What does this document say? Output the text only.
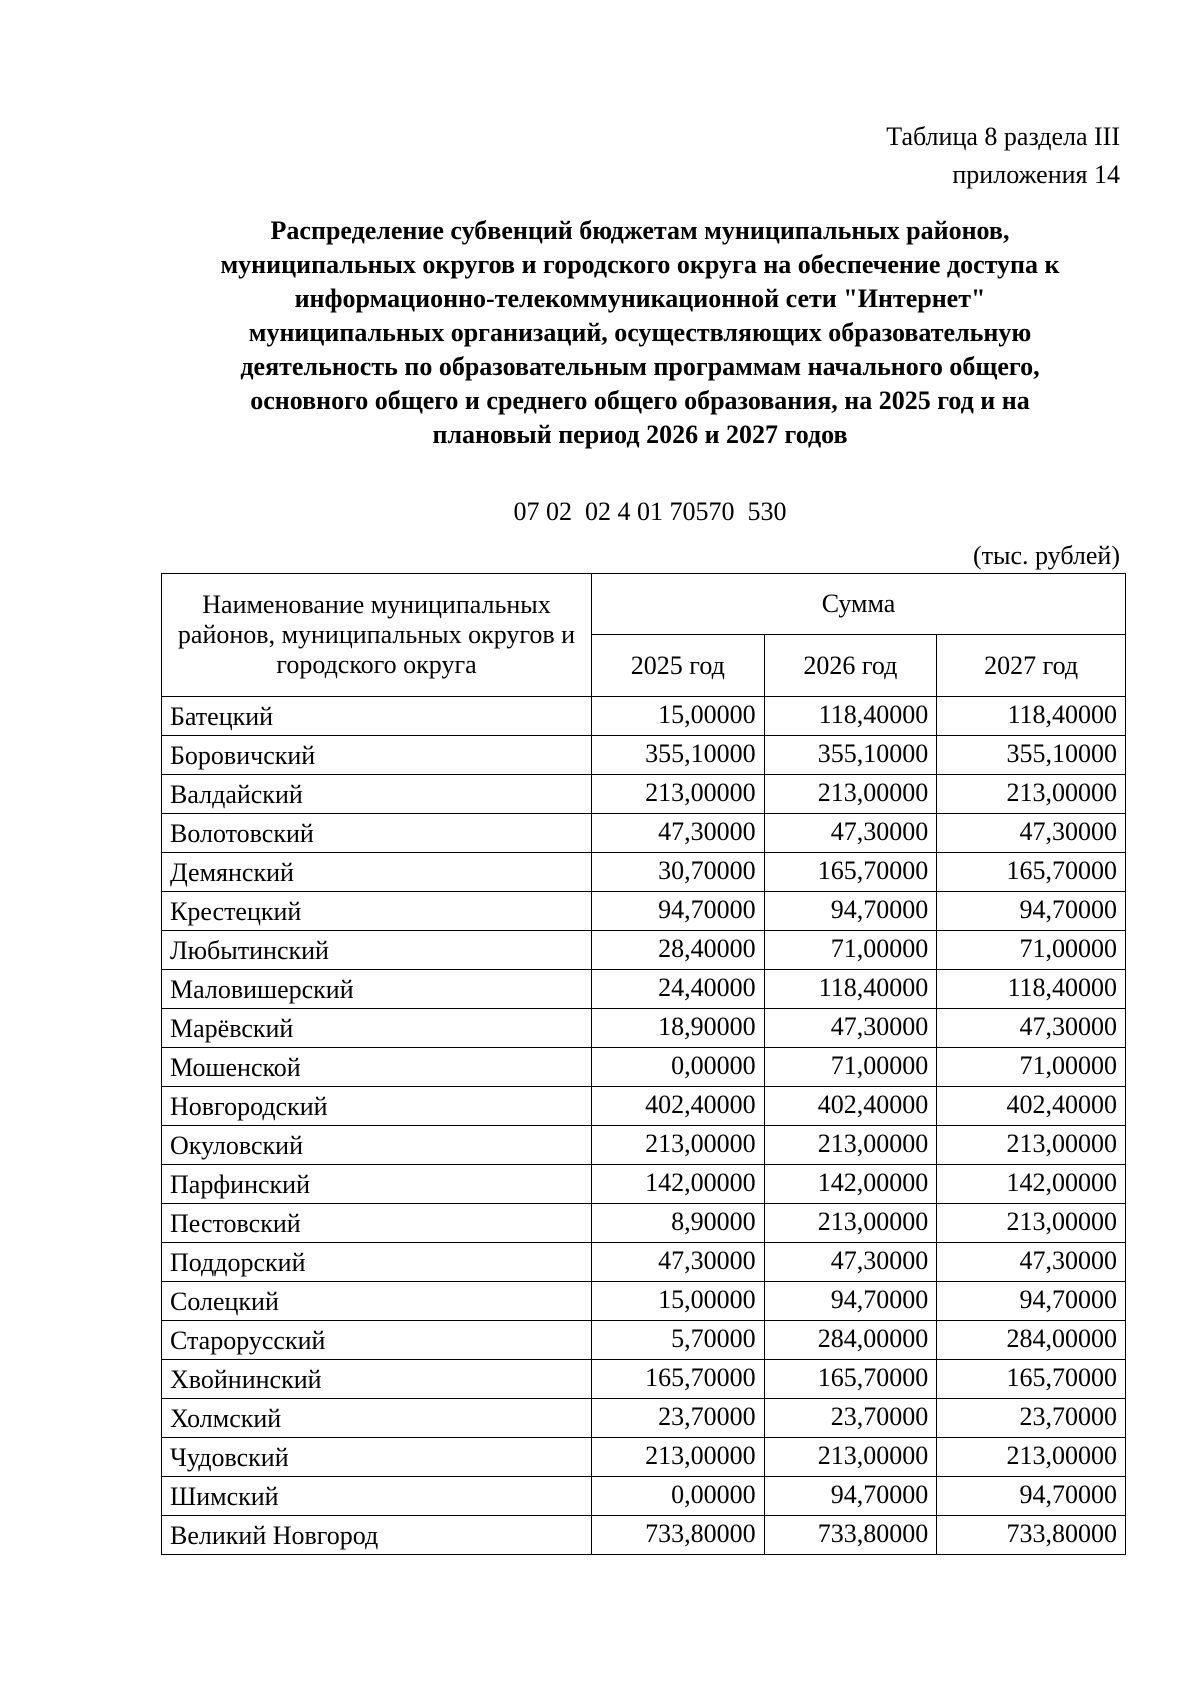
Таблица 8 раздела III
приложения 14
Распределение субвенций бюджетам муниципальных районов,
муниципальных округов и городского округа на обеспечение доступа к
информационно-телекоммуникационной сети "Интернет"
муниципальных организаций, осуществляющих образовательную
деятельность по образовательным программам начального общего,
основного общего и среднего общего образования, на 2025 год и на
плановый период 2026 и 2027 годов
07 02  02 4 01 70570  530
(тыс. рублей)
Наименование муниципальных районов, муниципальных округов и городского округа	Сумма		
	2025 год	2026 год	2027 год
Батецкий	15,00000	118,40000	118,40000
Боровичский	355,10000	355,10000	355,10000
Валдайский	213,00000	213,00000	213,00000
Волотовский	47,30000	47,30000	47,30000
Демянский	30,70000	165,70000	165,70000
Крестецкий	94,70000	94,70000	94,70000
Любытинский	28,40000	71,00000	71,00000
Маловишерский	24,40000	118,40000	118,40000
Марёвский	18,90000	47,30000	47,30000
Мошенской	0,00000	71,00000	71,00000
Новгородский	402,40000	402,40000	402,40000
Окуловский	213,00000	213,00000	213,00000
Парфинский	142,00000	142,00000	142,00000
Пестовский	8,90000	213,00000	213,00000
Поддорский	47,30000	47,30000	47,30000
Солецкий	15,00000	94,70000	94,70000
Старорусский	5,70000	284,00000	284,00000
Хвойнинский	165,70000	165,70000	165,70000
Холмский	23,70000	23,70000	23,70000
Чудовский	213,00000	213,00000	213,00000
Шимский	0,00000	94,70000	94,70000
Великий Новгород	733,80000	733,80000	733,80000
